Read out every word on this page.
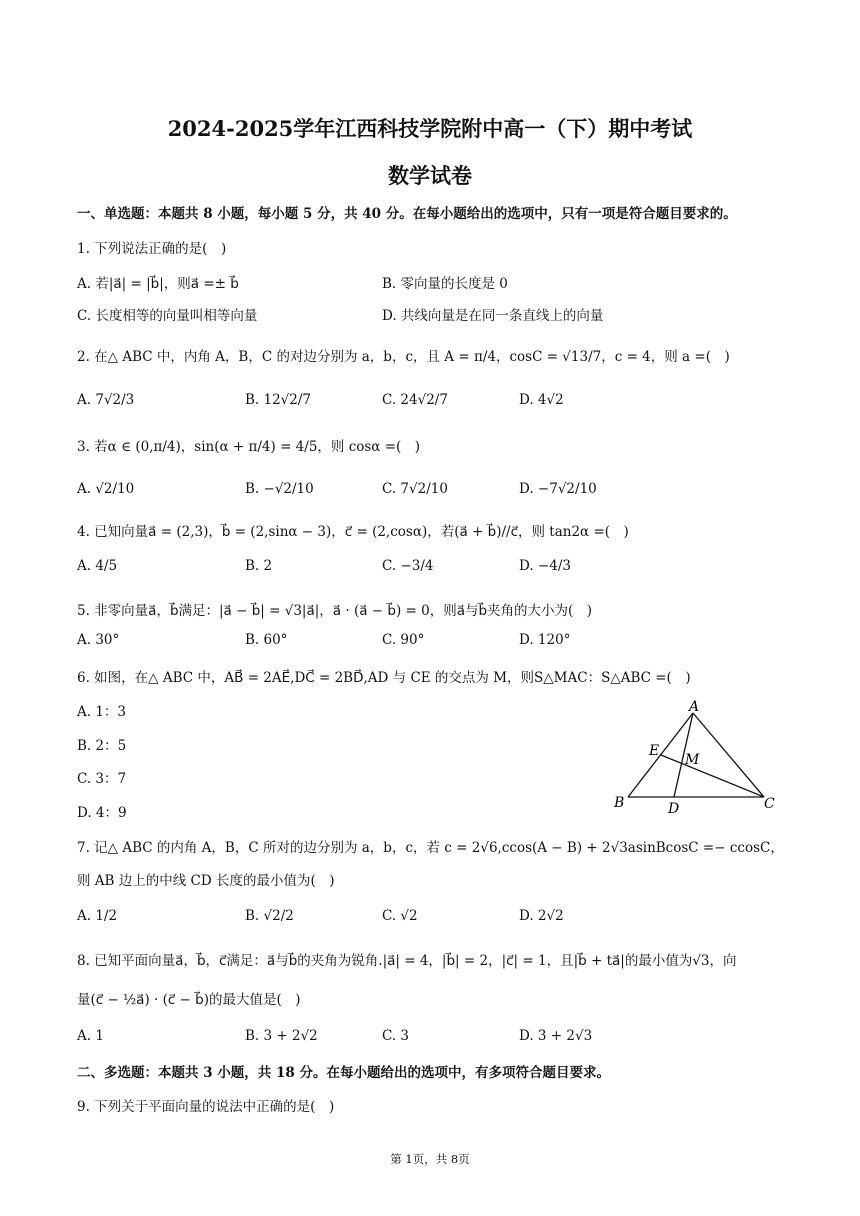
2024-2025学年江西科技学院附中高一（下）期中考试
数学试卷
一、单选题：本题共 8 小题，每小题 5 分，共 40 分。在每小题给出的选项中，只有一项是符合题目要求的。
1. 下列说法正确的是(　)
A. 若|a⃗| = |b⃗|，则a⃗ =± b⃗	B. 零向量的长度是 0
C. 长度相等的向量叫相等向量	D. 共线向量是在同一条直线上的向量
2. 在△ ABC 中，内角 A，B，C 的对边分别为 a，b，c，且 A = π/4，cosC = √13/7，c = 4，则 a =(　)
A. 7√2/3	B. 12√2/7	C. 24√2/7	D. 4√2
3. 若α ∈ (0,π/4)，sin(α + π/4) = 4/5，则 cosα =(　)
A. √2/10	B. −√2/10	C. 7√2/10	D. −7√2/10
4. 已知向量a⃗ = (2,3)，b⃗ = (2,sinα − 3)，c⃗ = (2,cosα)，若(a⃗ + b⃗)//c⃗，则 tan2α =(　)
A. 4/5	B. 2	C. −3/4	D. −4/3
5. 非零向量a⃗，b⃗满足：|a⃗ − b⃗| = √3|a⃗|，a⃗ · (a⃗ − b⃗) = 0，则a⃗与b⃗夹角的大小为(　)
A. 30°	B. 60°	C. 90°	D. 120°
6. 如图，在△ ABC 中，AB⃗ = 2AE⃗,DC⃗ = 2BD⃗,AD 与 CE 的交点为 M，则S△MAC：S△ABC =(　)
A. 1：3
B. 2：5
C. 3：7
D. 4：9
A
E
M
B	D	C
7. 记△ ABC 的内角 A，B，C 所对的边分别为 a，b，c，若 c = 2√6,ccos(A − B) + 2√3asinBcosC =− ccosC，
则 AB 边上的中线 CD 长度的最小值为(　)
A. 1/2	B. √2/2	C. √2	D. 2√2
8. 已知平面向量a⃗，b⃗，c⃗满足：a⃗与b⃗的夹角为锐角.|a⃗| = 4，|b⃗| = 2，|c⃗| = 1，且|b⃗ + ta⃗|的最小值为√3，向
量(c⃗ − ½a⃗) · (c⃗ − b⃗)的最大值是(　)
A. 1	B. 3 + 2√2	C. 3	D. 3 + 2√3
二、多选题：本题共 3 小题，共 18 分。在每小题给出的选项中，有多项符合题目要求。
9. 下列关于平面向量的说法中正确的是(　)
第 1页，共 8页
